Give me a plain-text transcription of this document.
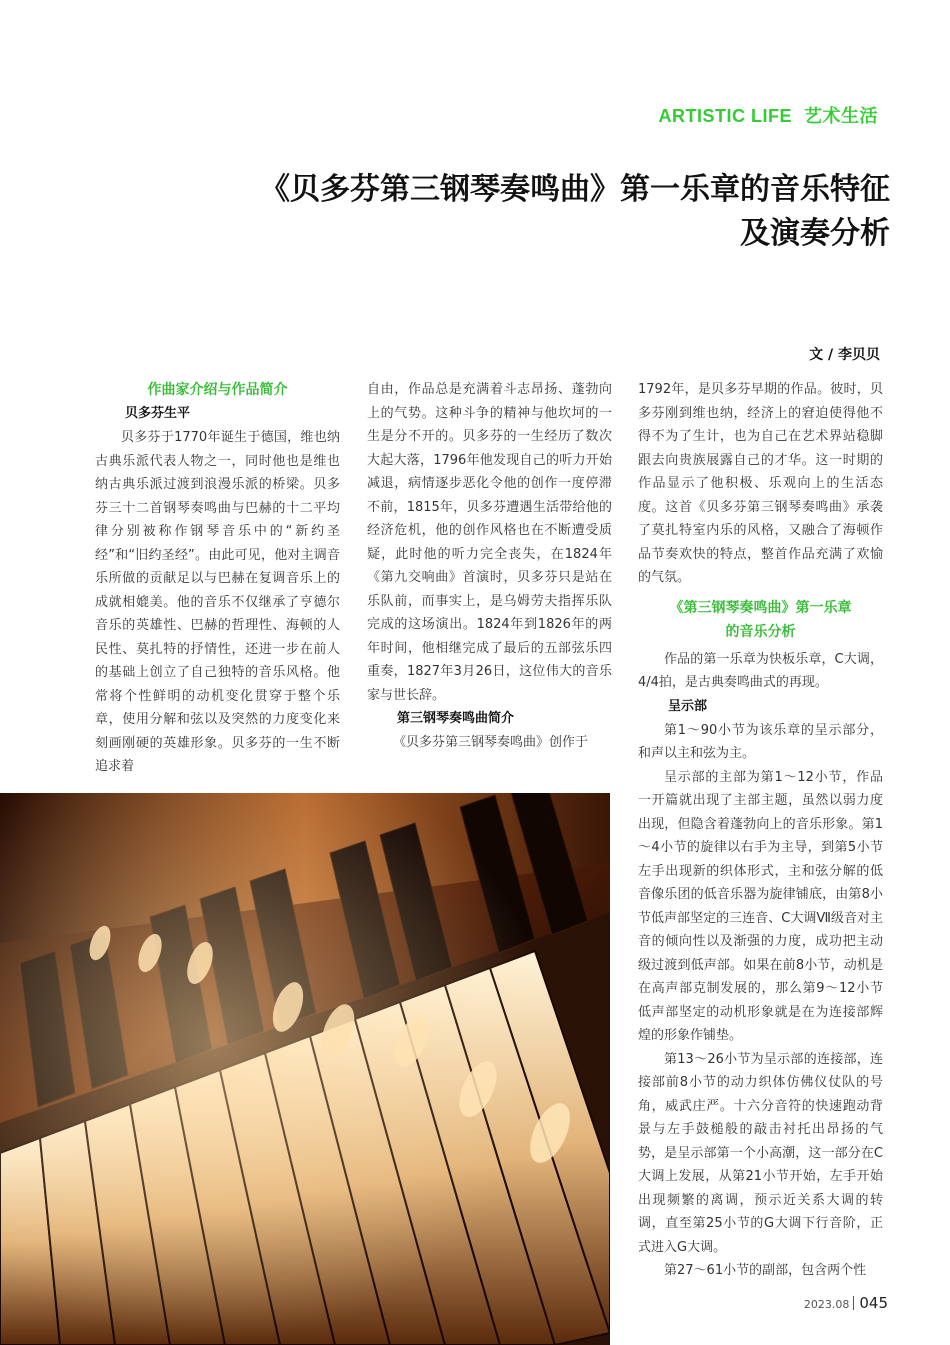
ARTISTIC LIFE 艺术生活
《贝多芬第三钢琴奏鸣曲》第一乐章的音乐特征
及演奏分析
文 / 李贝贝
作曲家介绍与作品简介
贝多芬生平

贝多芬于1770年诞生于德国，维也纳古典乐派代表人物之一，同时他也是维也纳古典乐派过渡到浪漫乐派的桥梁。贝多芬三十二首钢琴奏鸣曲与巴赫的十二平均律分别被称作钢琴音乐中的“新约圣经”和“旧约圣经”。由此可见，他对主调音乐所做的贡献足以与巴赫在复调音乐上的成就相媲美。他的音乐不仅继承了亨德尔音乐的英雄性、巴赫的哲理性、海顿的人民性、莫扎特的抒情性，还进一步在前人的基础上创立了自己独特的音乐风格。他常将个性鲜明的动机变化贯穿于整个乐章，使用分解和弦以及突然的力度变化来刻画刚硬的英雄形象。贝多芬的一生不断追求着

自由，作品总是充满着斗志昂扬、蓬勃向上的气势。这种斗争的精神与他坎坷的一生是分不开的。贝多芬的一生经历了数次大起大落，1796年他发现自己的听力开始减退，病情逐步恶化令他的创作一度停滞不前，1815年，贝多芬遭遇生活带给他的经济危机，他的创作风格也在不断遭受质疑，此时他的听力完全丧失，在1824年《第九交响曲》首演时，贝多芬只是站在乐队前，而事实上，是乌姆劳夫指挥乐队完成的这场演出。1824年到1826年的两年时间，他相继完成了最后的五部弦乐四重奏，1827年3月26日，这位伟大的音乐家与世长辞。

第三钢琴奏鸣曲简介

《贝多芬第三钢琴奏鸣曲》创作于

1792年，是贝多芬早期的作品。彼时，贝多芬刚到维也纳，经济上的窘迫使得他不得不为了生计，也为自己在艺术界站稳脚跟去向贵族展露自己的才华。这一时期的作品显示了他积极、乐观向上的生活态度。这首《贝多芬第三钢琴奏鸣曲》承袭了莫扎特室内乐的风格，又融合了海顿作品节奏欢快的特点，整首作品充满了欢愉的气氛。

《第三钢琴奏鸣曲》第一乐章
的音乐分析

作品的第一乐章为快板乐章，C大调，4/4拍，是古典奏鸣曲式的再现。

呈示部

第1～90小节为该乐章的呈示部分，和声以主和弦为主。

呈示部的主部为第1～12小节，作品一开篇就出现了主部主题，虽然以弱力度出现，但隐含着蓬勃向上的音乐形象。第1～4小节的旋律以右手为主导，到第5小节左手出现新的织体形式，主和弦分解的低音像乐团的低音乐器为旋律铺底，由第8小节低声部坚定的三连音、C大调Ⅶ级音对主音的倾向性以及渐强的力度，成功把主动级过渡到低声部。如果在前8小节，动机是在高声部克制发展的，那么第9～12小节低声部坚定的动机形象就是在为连接部辉煌的形象作铺垫。

第13～26小节为呈示部的连接部，连接部前8小节的动力织体仿佛仪仗队的号角，威武庄严。十六分音符的快速跑动背景与左手鼓槌般的敲击衬托出昂扬的气势，是呈示部第一个小高潮，这一部分在C大调上发展，从第21小节开始，左手开始出现频繁的离调，预示近关系大调的转调，直至第25小节的G大调下行音阶，正式进入G大调。

第27～61小节的副部，包含两个性

2023.08 045
